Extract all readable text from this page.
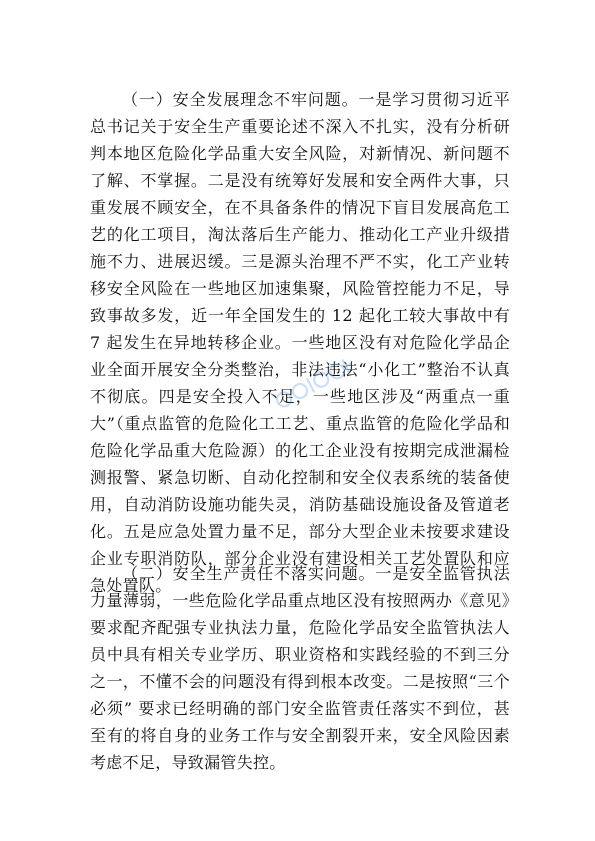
（一）安全发展理念不牢问题。一是学习贯彻习近平总书记关于安全生产重要论述不深入不扎实，没有分析研判本地区危险化学品重大安全风险，对新情况、新问题不了解、不掌握。二是没有统筹好发展和安全两件大事，只重发展不顾安全，在不具备条件的情况下盲目发展高危工艺的化工项目，淘汰落后生产能力、推动化工产业升级措施不力、进展迟缓。三是源头治理不严不实，化工产业转移安全风险在一些地区加速集聚，风险管控能力不足，导致事故多发，近一年全国发生的 12 起化工较大事故中有 7 起发生在异地转移企业。一些地区没有对危险化学品企业全面开展安全分类整治，非法违法“小化工”整治不认真不彻底。四是安全投入不足，一些地区涉及“两重点一重大”（重点监管的危险化工工艺、重点监管的危险化学品和危险化学品重大危险源）的化工企业没有按期完成泄漏检测报警、紧急切断、自动化控制和安全仪表系统的装备使用，自动消防设施功能失灵，消防基础设施设备及管道老化。五是应急处置力量不足，部分大型企业未按要求建设企业专职消防队，部分企业没有建设相关工艺处置队和应急处置队。

（二）安全生产责任不落实问题。一是安全监管执法力量薄弱，一些危险化学品重点地区没有按照两办《意见》要求配齐配强专业执法力量，危险化学品安全监管执法人员中具有相关专业学历、职业资格和实践经验的不到三分之一，不懂不会的问题没有得到根本改变。二是按照“三个必须” 要求已经明确的部门安全监管责任落实不到位，甚至有的将自身的业务工作与安全割裂开来，安全风险因素考虑不足，导致漏管失控。
